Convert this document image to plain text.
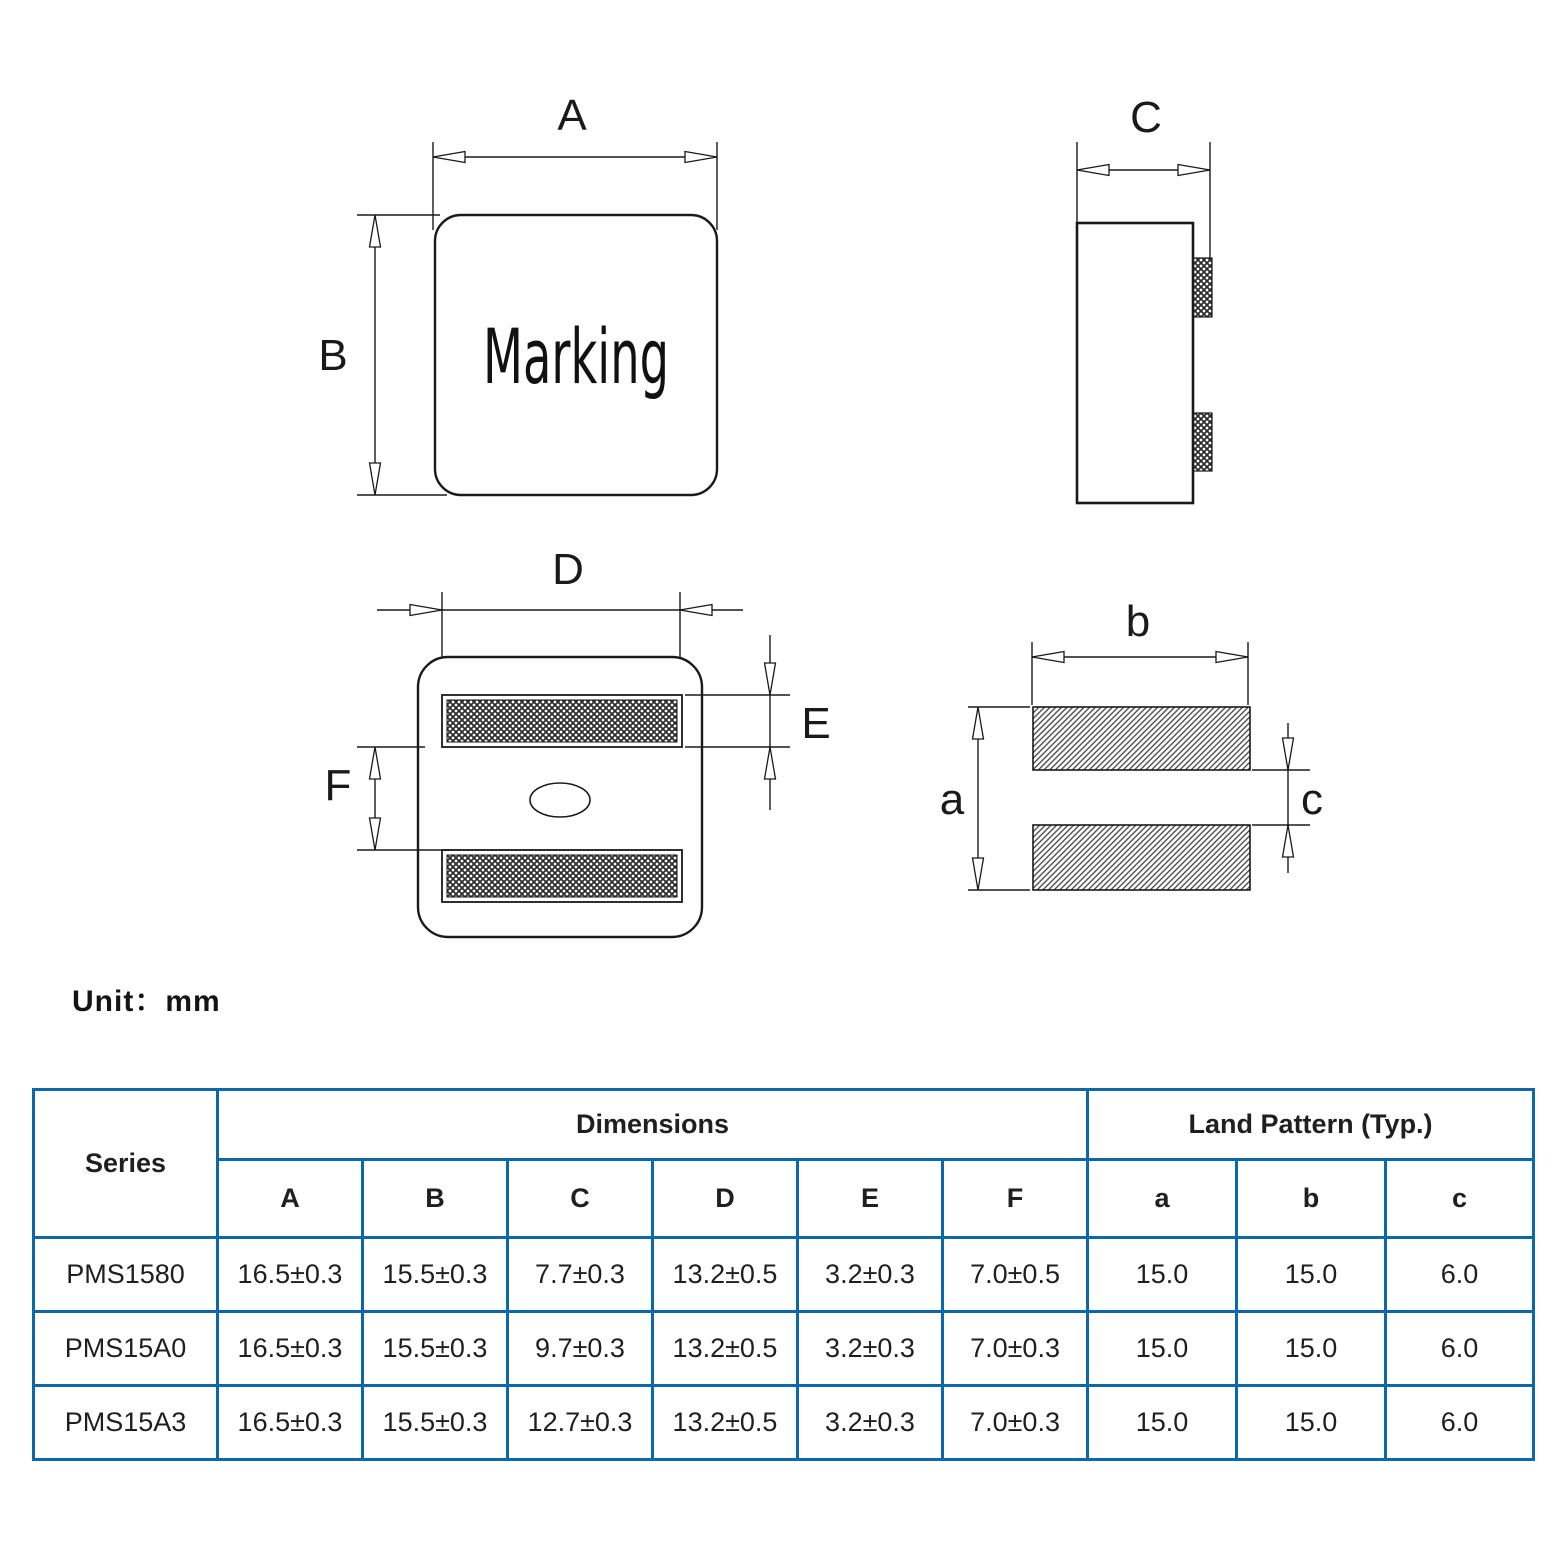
A
B Marking
C
D
E
F
b
a	c
Unit：mm
Series	Dimensions						Land Pattern (Typ.)		
	A	B	C	D	E	F	a	b	c
PMS1580	16.5±0.3	15.5±0.3	7.7±0.3	13.2±0.5	3.2±0.3	7.0±0.5	15.0	15.0	6.0
PMS15A0	16.5±0.3	15.5±0.3	9.7±0.3	13.2±0.5	3.2±0.3	7.0±0.3	15.0	15.0	6.0
PMS15A3	16.5±0.3	15.5±0.3	12.7±0.3	13.2±0.5	3.2±0.3	7.0±0.3	15.0	15.0	6.0
